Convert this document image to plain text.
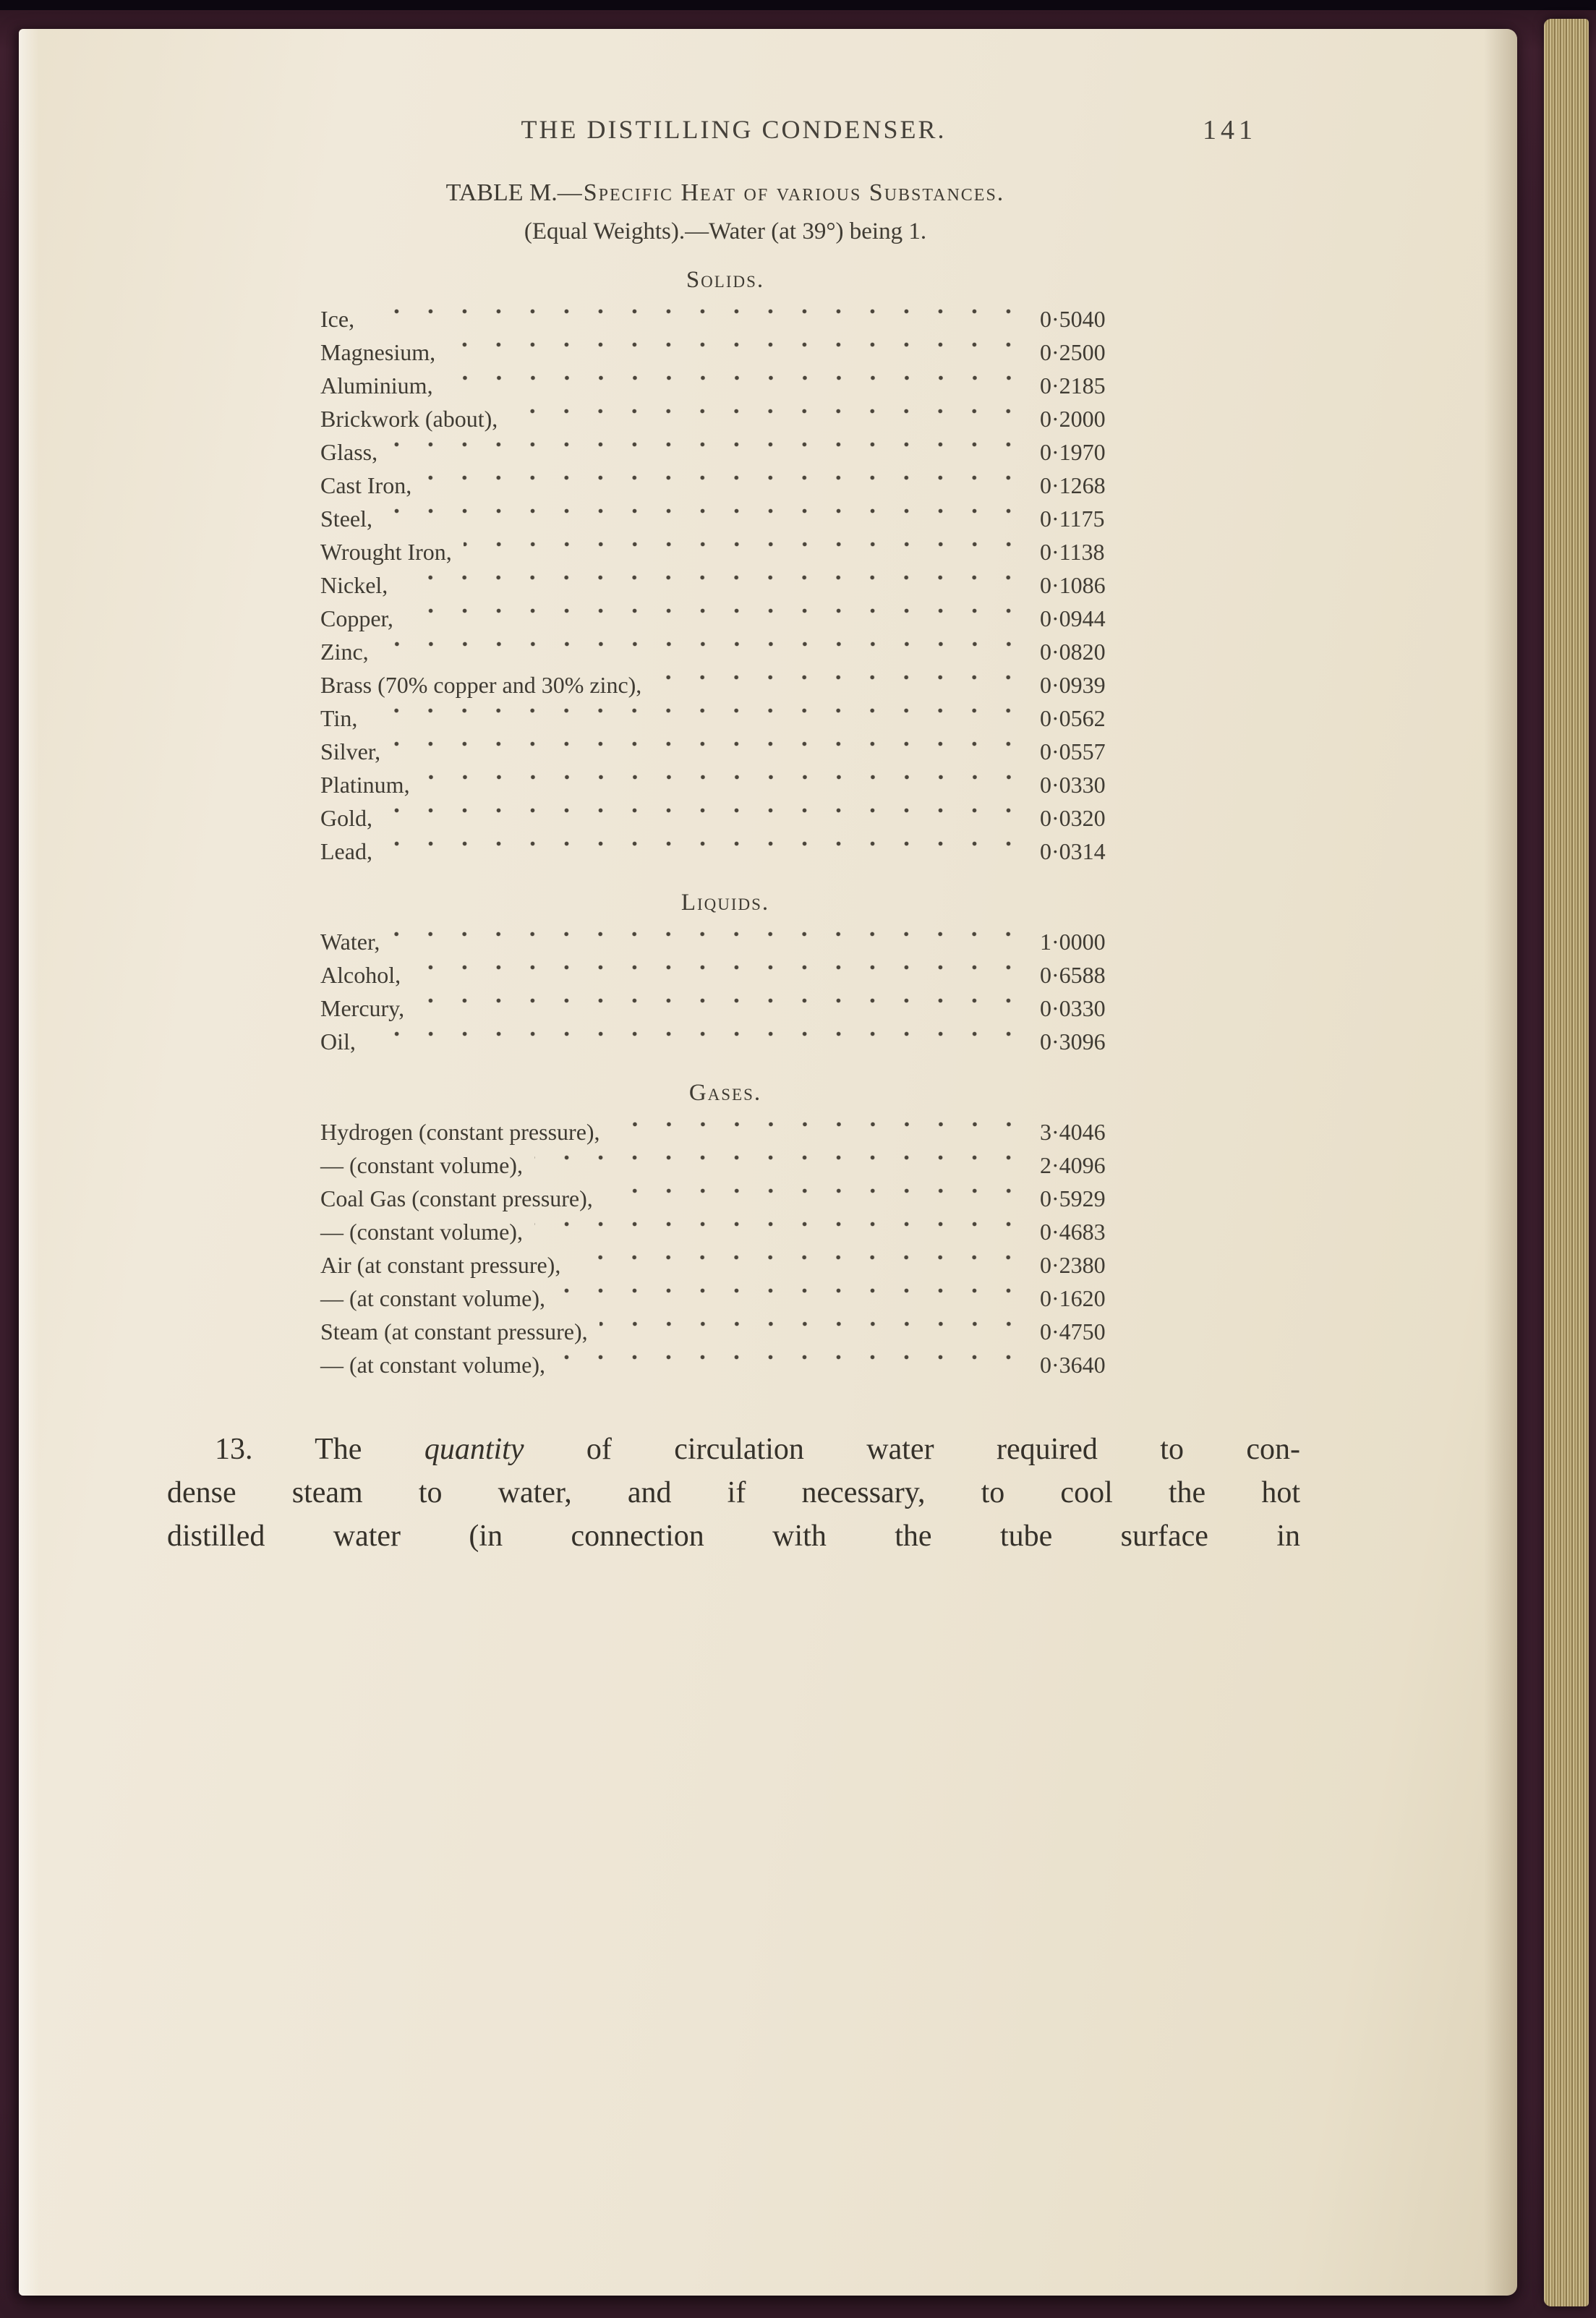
THE DISTILLING CONDENSER.	141
TABLE M.—Specific Heat of various Substances.
(Equal Weights).—Water (at 39°) being 1.
Solids.
Ice,	0·5040
Magnesium,	0·2500
Aluminium,	0·2185
Brickwork (about),	0·2000
Glass,	0·1970
Cast Iron,	0·1268
Steel,	0·1175
Wrought Iron,	0·1138
Nickel,	0·1086
Copper,	0·0944
Zinc,	0·0820
Brass (70% copper and 30% zinc),	0·0939
Tin,	0·0562
Silver,	0·0557
Platinum,	0·0330
Gold,	0·0320
Lead,	0·0314
Liquids.
Water,	1·0000
Alcohol,	0·6588
Mercury,	0·0330
Oil,	0·3096
Gases.
Hydrogen (constant pressure),	3·4046
— (constant volume),	2·4096
Coal Gas (constant pressure),	0·5929
— (constant volume),	0·4683
Air (at constant pressure),	0·2380
— (at constant volume),	0·1620
Steam (at constant pressure),	0·4750
— (at constant volume),	0·3640
13. The quantity of circulation water required to con-
dense steam to water, and if necessary, to cool the hot
distilled water (in connection with the tube surface in
